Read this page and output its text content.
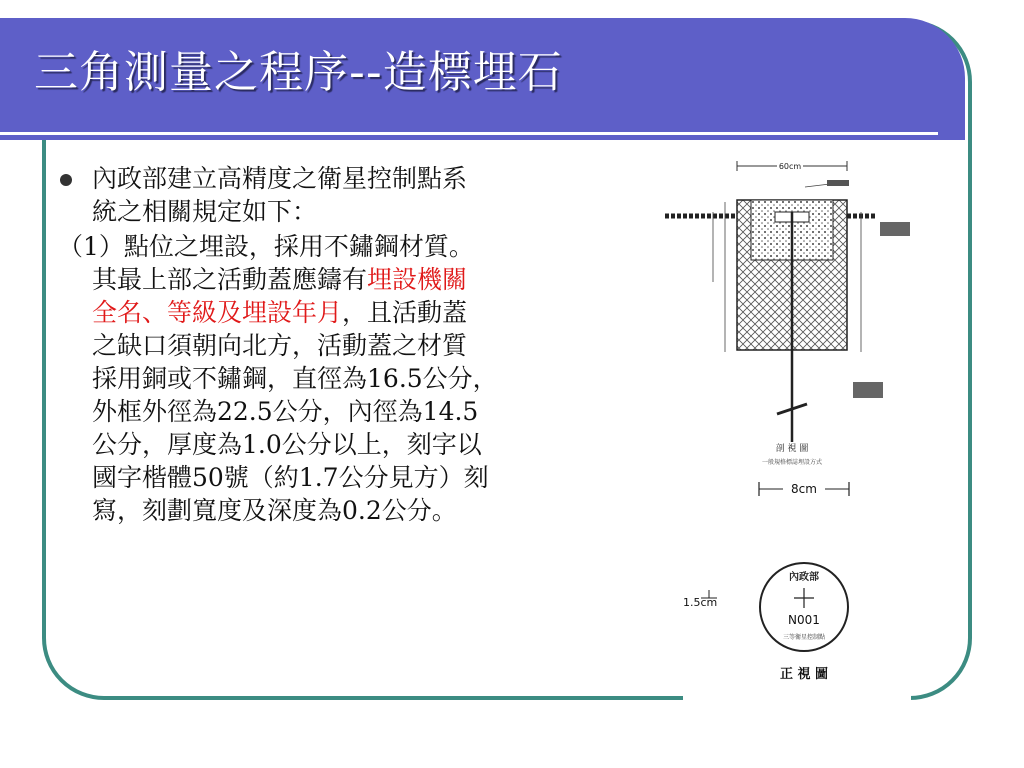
三角測量之程序--造標埋石
內政部建立高精度之衛星控制點系
統之相關規定如下：
（1）點位之埋設，採用不鏽鋼材質。
其最上部之活動蓋應鑄有埋設機關
全名、等級及埋設年月，且活動蓋
之缺口須朝向北方，活動蓋之材質
採用銅或不鏽鋼，直徑為16.5公分，
外框外徑為22.5公分，內徑為14.5
公分，厚度為1.0公分以上，刻字以
國字楷體50號（約1.7公分見方）刻
寫，刻劃寬度及深度為0.2公分。
60cm
剖 視 圖
一般規格標誌埋設方式
8cm
1.5cm
內政部
N001
三等衛星控制點
正 視 圖
